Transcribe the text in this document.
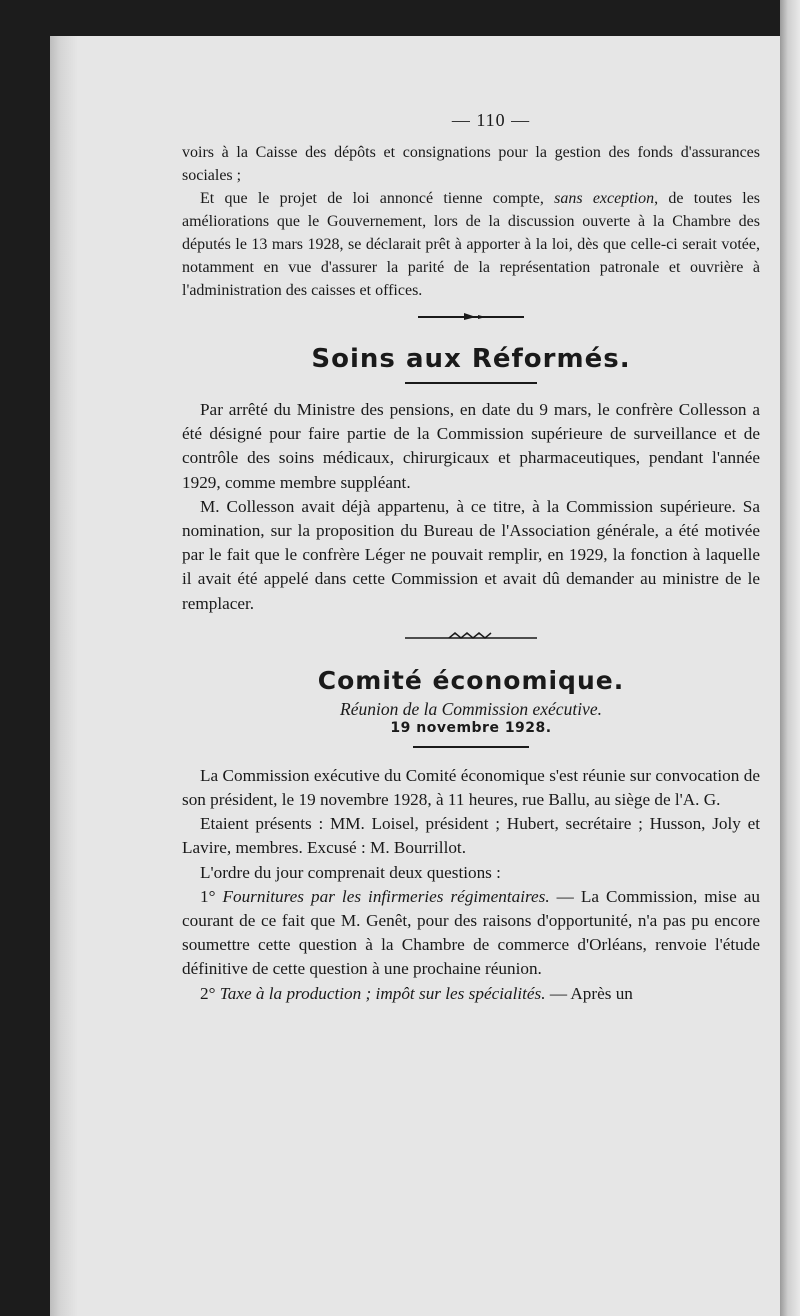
— 110 —

voirs à la Caisse des dépôts et consignations pour la gestion des fonds d'assurances sociales ;

Et que le projet de loi annoncé tienne compte, sans exception, de toutes les améliorations que le Gouvernement, lors de la discussion ouverte à la Chambre des députés le 13 mars 1928, se déclarait prêt à apporter à la loi, dès que celle-ci serait votée, notamment en vue d'assurer la parité de la représentation patronale et ouvrière à l'administration des caisses et offices.

Soins aux Réformés.

Par arrêté du Ministre des pensions, en date du 9 mars, le confrère Collesson a été désigné pour faire partie de la Commission supérieure de surveillance et de contrôle des soins médicaux, chirurgicaux et pharmaceutiques, pendant l'année 1929, comme membre suppléant.

M. Collesson avait déjà appartenu, à ce titre, à la Commission supérieure. Sa nomination, sur la proposition du Bureau de l'Association générale, a été motivée par le fait que le confrère Léger ne pouvait remplir, en 1929, la fonction à laquelle il avait été appelé dans cette Commission et avait dû demander au ministre de le remplacer.

Comité économique.
Réunion de la Commission exécutive.
19 novembre 1928.

La Commission exécutive du Comité économique s'est réunie sur convocation de son président, le 19 novembre 1928, à 11 heures, rue Ballu, au siège de l'A. G.

Etaient présents : MM. Loisel, président ; Hubert, secrétaire ; Husson, Joly et Lavire, membres. Excusé : M. Bourrillot.

L'ordre du jour comprenait deux questions :

1° Fournitures par les infirmeries régimentaires. — La Commission, mise au courant de ce fait que M. Genêt, pour des raisons d'opportunité, n'a pas pu encore soumettre cette question à la Chambre de commerce d'Orléans, renvoie l'étude définitive de cette question à une prochaine réunion.

2° Taxe à la production ; impôt sur les spécialités. — Après un
